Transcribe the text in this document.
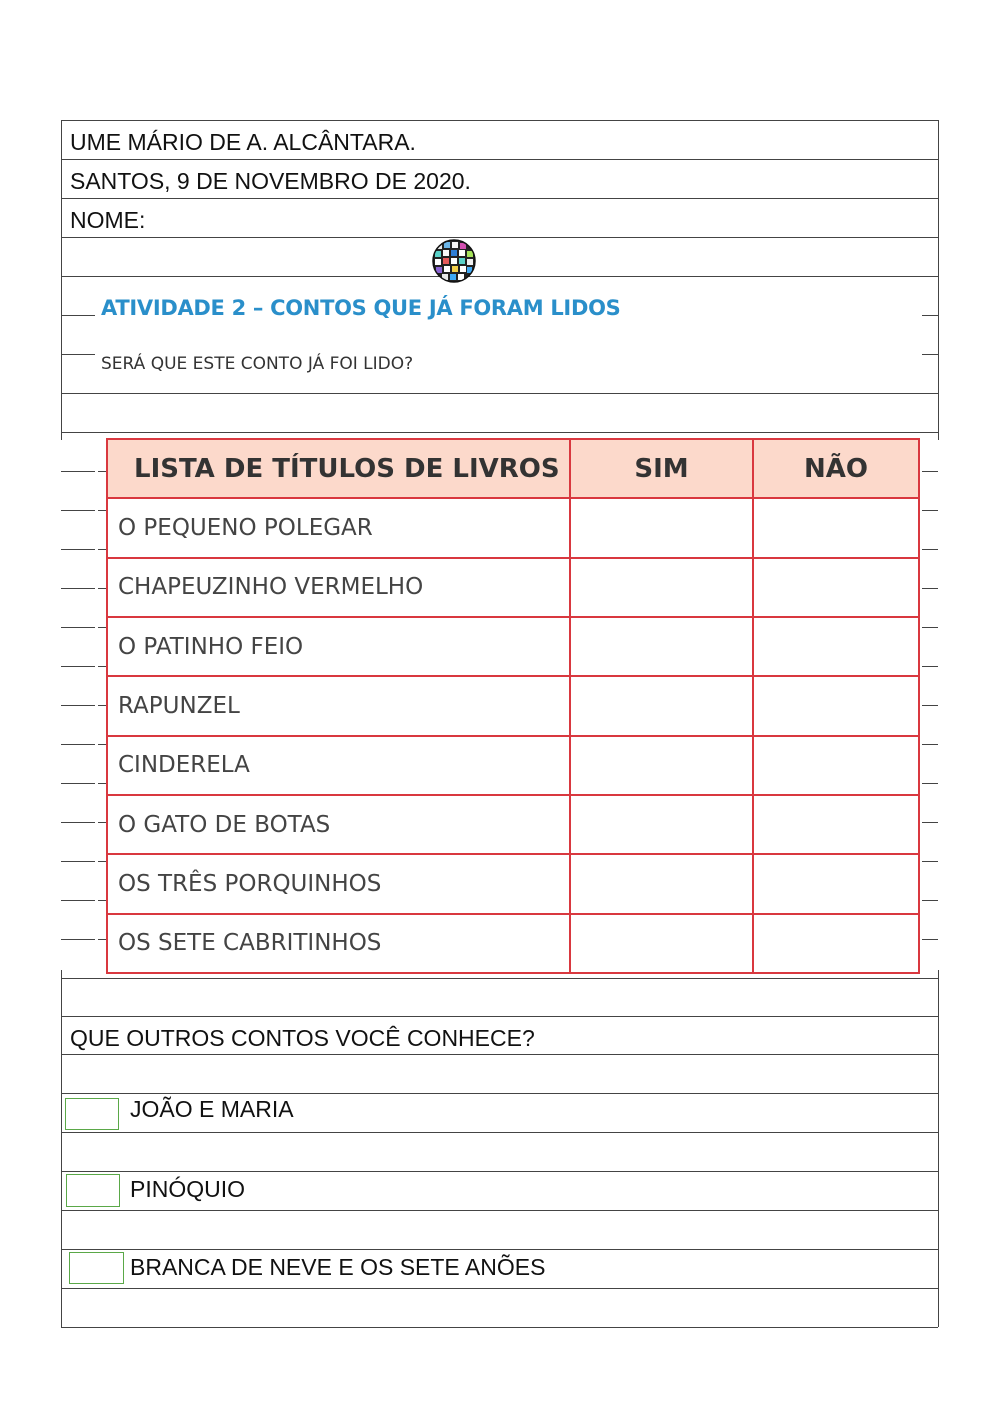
UME MÁRIO DE A. ALCÂNTARA.
SANTOS, 9 DE NOVEMBRO DE 2020.
NOME:
ATIVIDADE 2 – CONTOS QUE JÁ FORAM LIDOS
SERÁ QUE ESTE CONTO JÁ FOI LIDO?
LISTA DE TÍTULOS DE LIVROS	SIM	NÃO
O PEQUENO POLEGAR		
CHAPEUZINHO VERMELHO		
O PATINHO FEIO		
RAPUNZEL		
CINDERELA		
O GATO DE BOTAS		
OS TRÊS PORQUINHOS		
OS SETE CABRITINHOS		
QUE OUTROS CONTOS VOCÊ CONHECE?
JOÃO E MARIA
PINÓQUIO
BRANCA DE NEVE E OS SETE ANÕES
